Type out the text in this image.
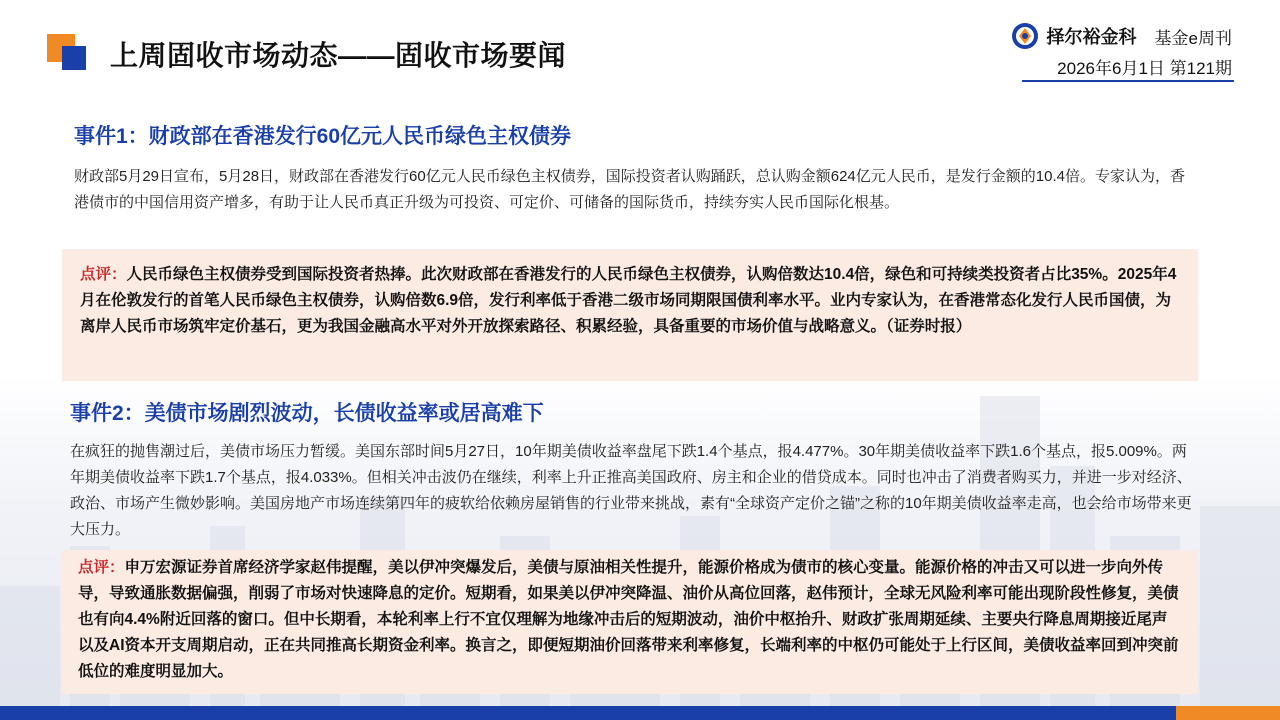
上周固收市场动态——固收市场要闻
择尔裕金科 基金e周刊
2026年6月1日 第121期
事件1：财政部在香港发行60亿元人民币绿色主权债券

财政部5月29日宣布，5月28日，财政部在香港发行60亿元人民币绿色主权债券，国际投资者认购踊跃，总认购金额624亿元人民币，是发行金额的10.4倍。专家认为，香港债市的中国信用资产增多，有助于让人民币真正升级为可投资、可定价、可储备的国际货币，持续夯实人民币国际化根基。

点评：人民币绿色主权债券受到国际投资者热捧。此次财政部在香港发行的人民币绿色主权债券，认购倍数达10.4倍，绿色和可持续类投资者占比35%。2025年4月在伦敦发行的首笔人民币绿色主权债券，认购倍数6.9倍，发行利率低于香港二级市场同期限国债利率水平。业内专家认为，在香港常态化发行人民币国债，为离岸人民币市场筑牢定价基石，更为我国金融高水平对外开放探索路径、积累经验，具备重要的市场价值与战略意义。（证券时报）
事件2：美债市场剧烈波动，长债收益率或居高难下

在疯狂的抛售潮过后，美债市场压力暂缓。美国东部时间5月27日，10年期美债收益率盘尾下跌1.4个基点，报4.477%。30年期美债收益率下跌1.6个基点，报5.009%。两年期美债收益率下跌1.7个基点，报4.033%。但相关冲击波仍在继续，利率上升正推高美国政府、房主和企业的借贷成本。同时也冲击了消费者购买力，并进一步对经济、政治、市场产生微妙影响。美国房地产市场连续第四年的疲软给依赖房屋销售的行业带来挑战，素有“全球资产定价之锚”之称的10年期美债收益率走高，也会给市场带来更大压力。

点评：申万宏源证券首席经济学家赵伟提醒，美以伊冲突爆发后，美债与原油相关性提升，能源价格成为债市的核心变量。能源价格的冲击又可以进一步向外传导，导致通胀数据偏强，削弱了市场对快速降息的定价。短期看，如果美以伊冲突降温、油价从高位回落，赵伟预计，全球无风险利率可能出现阶段性修复，美债也有向4.4%附近回落的窗口。但中长期看，本轮利率上行不宜仅理解为地缘冲击后的短期波动，油价中枢抬升、财政扩张周期延续、主要央行降息周期接近尾声以及AI资本开支周期启动，正在共同推高长期资金利率。换言之，即便短期油价回落带来利率修复，长端利率的中枢仍可能处于上行区间，美债收益率回到冲突前低位的难度明显加大。
